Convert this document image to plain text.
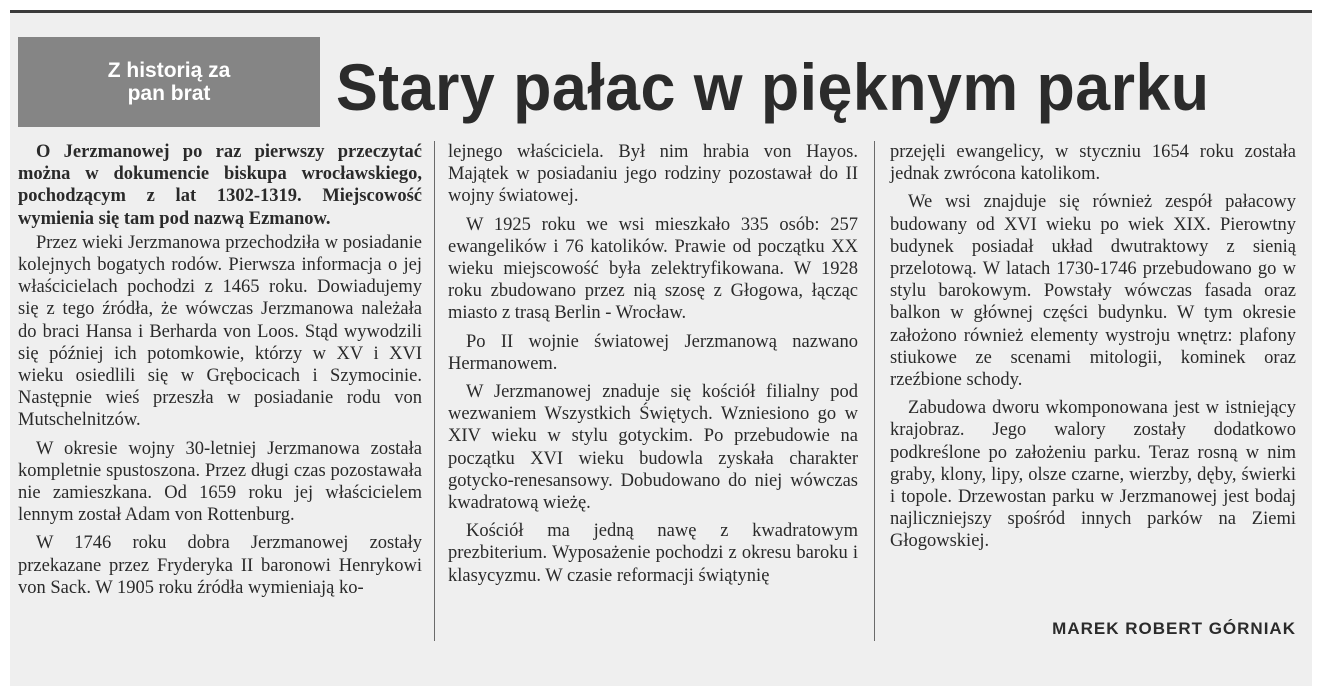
Z historią za
pan brat Stary pałac w pięknym parku

O Jerzmanowej po raz pierwszy przeczytać można w dokumencie biskupa wrocławskiego, pochodzącym z lat 1302-1319. Miejscowość wymienia się tam pod nazwą Ezmanow.

Przez wieki Jerzmanowa przechodziła w posiadanie kolejnych bogatych rodów. Pierwsza informacja o jej właścicielach pochodzi z 1465 roku. Dowiadujemy się z tego źródła, że wówczas Jerzmanowa należała do braci Hansa i Berharda von Loos. Stąd wywodzili się później ich potomkowie, którzy w XV i XVI wieku osiedlili się w Grębocicach i Szymocinie. Następnie wieś przeszła w posiadanie rodu von Mutschelnitzów.

W okresie wojny 30-letniej Jerzmanowa została kompletnie spustoszona. Przez długi czas pozostawała nie zamieszkana. Od 1659 roku jej właścicielem lennym został Adam von Rottenburg.

W 1746 roku dobra Jerzmanowej zostały przekazane przez Fryderyka II baronowi Henrykowi von Sack. W 1905 roku źródła wymieniają ko-

lejnego właściciela. Był nim hrabia von Hayos. Majątek w posiadaniu jego rodziny pozostawał do II wojny światowej.

W 1925 roku we wsi mieszkało 335 osób: 257 ewangelików i 76 katolików. Prawie od początku XX wieku miejscowość była zelektryfikowana. W 1928 roku zbudowano przez nią szosę z Głogowa, łącząc miasto z trasą Berlin - Wrocław.

Po II wojnie światowej Jerzmanową nazwano Hermanowem.

W Jerzmanowej znaduje się kościół filialny pod wezwaniem Wszystkich Świętych. Wzniesiono go w XIV wieku w stylu gotyckim. Po przebudowie na początku XVI wieku budowla zyskała charakter gotycko-renesansowy. Dobudowano do niej wówczas kwadratową wieżę.

Kościół ma jedną nawę z kwadratowym prezbiterium. Wyposażenie pochodzi z okresu baroku i klasycyzmu. W czasie reformacji świątynię

przejęli ewangelicy, w styczniu 1654 roku została jednak zwrócona katolikom.

We wsi znajduje się również zespół pałacowy budowany od XVI wieku po wiek XIX. Pierowtny budynek posiadał układ dwutraktowy z sienią przelotową. W latach 1730-1746 przebudowano go w stylu barokowym. Powstały wówczas fasada oraz balkon w głównej części budynku. W tym okresie założono również elementy wystroju wnętrz: plafony stiukowe ze scenami mitologii, kominek oraz rzeźbione schody.

Zabudowa dworu wkomponowana jest w istniejący krajobraz. Jego walory zostały dodatkowo podkreślone po założeniu parku. Teraz rosną w nim graby, klony, lipy, olsze czarne, wierzby, dęby, świerki i topole. Drzewostan parku w Jerzmanowej jest bodaj najliczniejszy spośród innych parków na Ziemi Głogowskiej.

MAREK ROBERT GÓRNIAK
